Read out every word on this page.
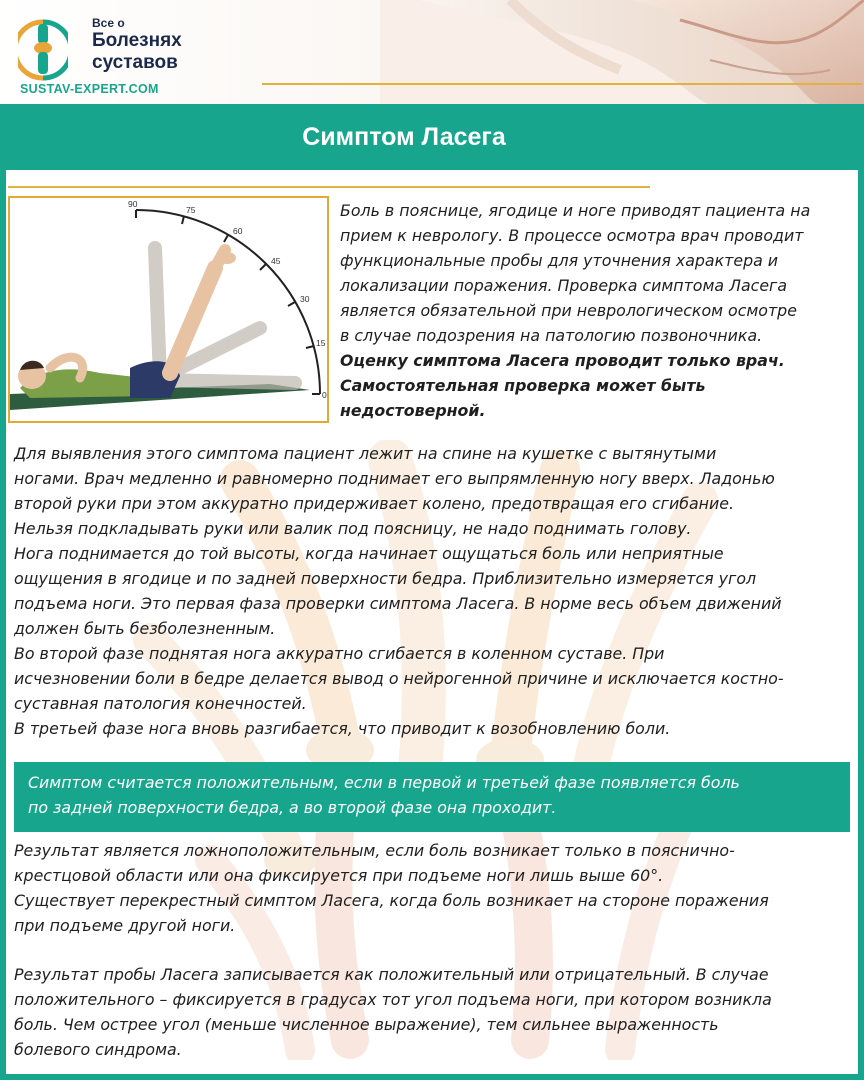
Все о
Болезнях
суставов
SUSTAV-EXPERT.COM
Симптом Ласега
90
75
60
45
30
15
0
Боль в пояснице, ягодице и ноге приводят пациента на
прием к неврологу. В процессе осмотра врач проводит
функциональные пробы для уточнения характера и
локализации поражения. Проверка симптома Ласега
является обязательной при неврологическом осмотре
в случае подозрения на патологию позвоночника.
Оценку симптома Ласега проводит только врач.
Самостоятельная проверка может быть
недостоверной.
Для выявления этого симптома пациент лежит на спине на кушетке с вытянутыми
ногами. Врач медленно и равномерно поднимает его выпрямленную ногу вверх. Ладонью
второй руки при этом аккуратно придерживает колено, предотвращая его сгибание.
Нельзя подкладывать руки или валик под поясницу, не надо поднимать голову.
Нога поднимается до той высоты, когда начинает ощущаться боль или неприятные
ощущения в ягодице и по задней поверхности бедра. Приблизительно измеряется угол
подъема ноги. Это первая фаза проверки симптома Ласега. В норме весь объем движений
должен быть безболезненным.
Во второй фазе поднятая нога аккуратно сгибается в коленном суставе. При
исчезновении боли в бедре делается вывод о нейрогенной причине и исключается костно-
суставная патология конечностей.
В третьей фазе нога вновь разгибается, что приводит к возобновлению боли.
Симптом считается положительным, если в первой и третьей фазе появляется боль
по задней поверхности бедра, а во второй фазе она проходит.
Результат является ложноположительным, если боль возникает только в пояснично-
крестцовой области или она фиксируется при подъеме ноги лишь выше 60°.
Существует перекрестный симптом Ласега, когда боль возникает на стороне поражения
при подъеме другой ноги.
Результат пробы Ласега записывается как положительный или отрицательный. В случае
положительного – фиксируется в градусах тот угол подъема ноги, при котором возникла
боль. Чем острее угол (меньше численное выражение), тем сильнее выраженность
болевого синдрома.
